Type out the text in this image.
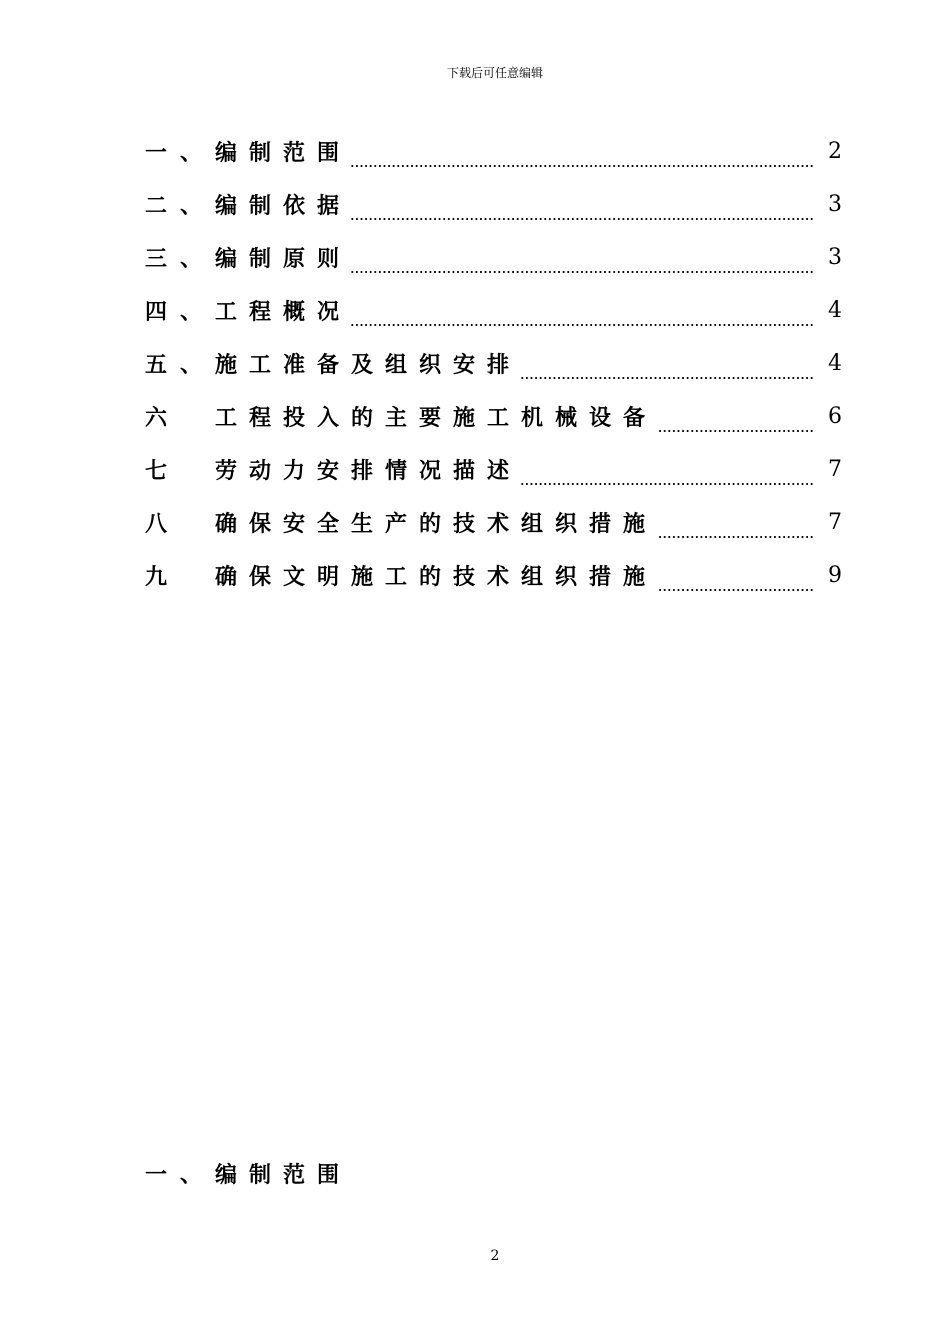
下载后可任意编辑
一、 编制范围	2
二、 编制依据	3
三、 编制原则	3
四、 工程概况	4
五、 施工准备及组织安排	4
六	工程投入的主要施工机械设备	6
七	劳动力安排情况描述	7
八	确保安全生产的技术组织措施	7
九	确保文明施工的技术组织措施	9
一、 编制范围
2
